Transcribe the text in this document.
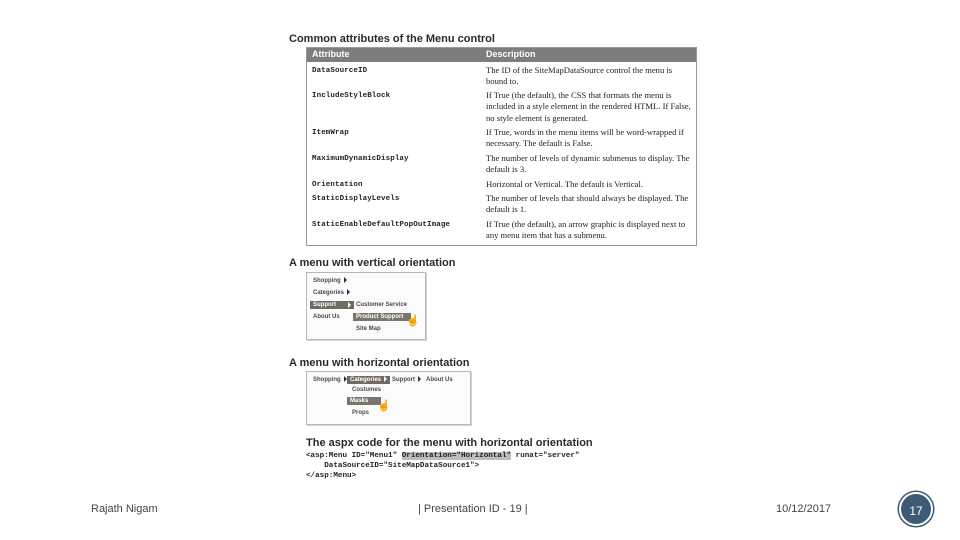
Common attributes of the Menu control
Attribute	Description
DataSourceID	The ID of the SiteMapDataSource control the menu is bound to.
IncludeStyleBlock	If True (the default), the CSS that formats the menu is included in a style element in the rendered HTML. If False, no style element is generated.
ItemWrap	If True, words in the menu items will be word-wrapped if necessary. The default is False.
MaximumDynamicDisplay	The number of levels of dynamic submenus to display. The default is 3.
Orientation	Horizontal or Vertical. The default is Vertical.
StaticDisplayLevels	The number of levels that should always be displayed. The default is 1.
StaticEnableDefaultPopOutImage	If True (the default), an arrow graphic is displayed next to any menu item that has a submenu.
A menu with vertical orientation
Shopping
Categories
Support
About Us
Customer Service
Product Support
Site Map
☝
A menu with horizontal orientation
Shopping	Categories	Support	About Us
Costumes
Masks
Props
☝
The aspx code for the menu with horizontal orientation
<asp:Menu ID="Menu1" Orientation="Horizontal" runat="server"
DataSourceID="SiteMapDataSource1">
</asp:Menu>
Rajath Nigam	| Presentation ID - 19 |	10/12/2017	17
